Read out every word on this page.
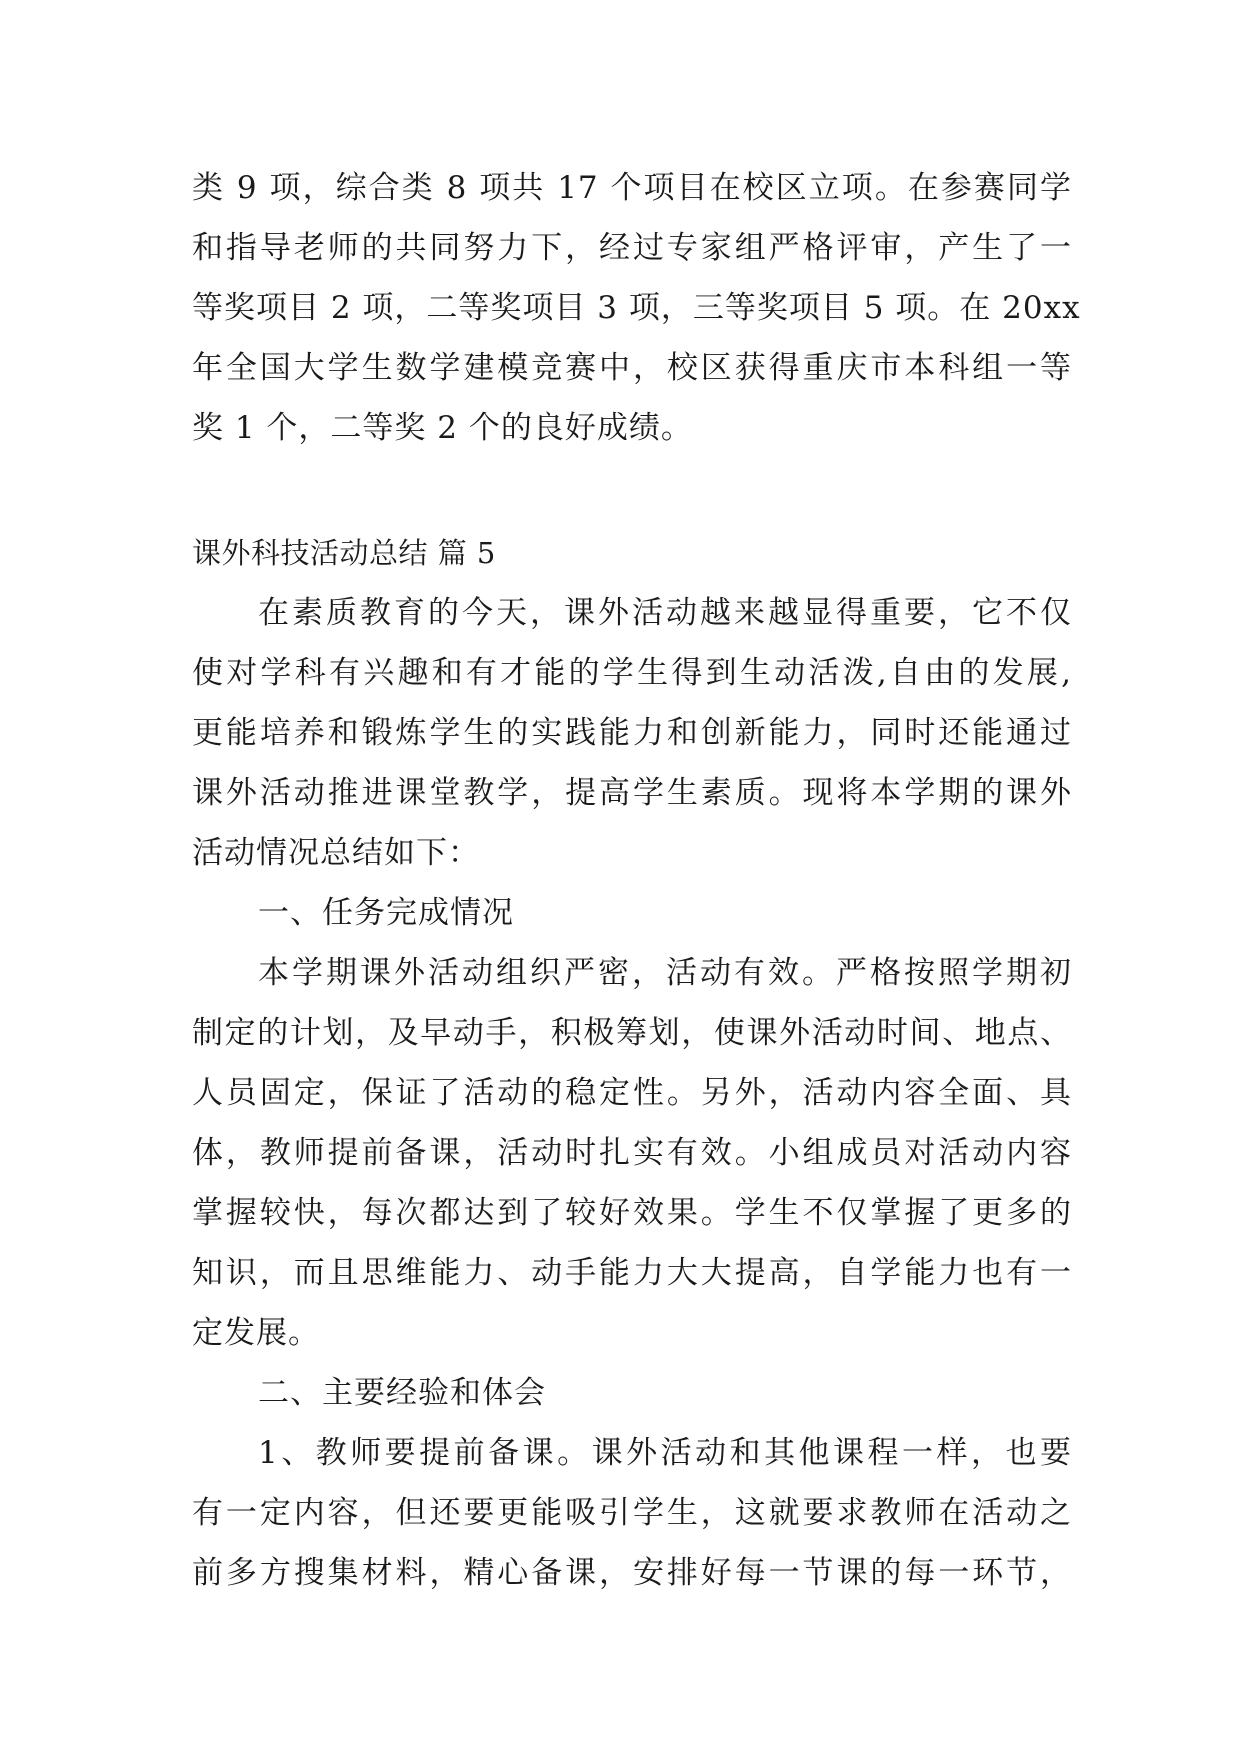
类 9 项，综合类 8 项共 17 个项目在校区立项。在参赛同学
和指导老师的共同努力下，经过专家组严格评审，产生了一
等奖项目 2 项，二等奖项目 3 项，三等奖项目 5 项。在 20xx
年全国大学生数学建模竞赛中，校区获得重庆市本科组一等
奖 1 个，二等奖 2 个的良好成绩。
课外科技活动总结 篇 5
在素质教育的今天，课外活动越来越显得重要，它不仅
使对学科有兴趣和有才能的学生得到生动活泼,自由的发展,
更能培养和锻炼学生的实践能力和创新能力，同时还能通过
课外活动推进课堂教学，提高学生素质。现将本学期的课外
活动情况总结如下：
一、任务完成情况
本学期课外活动组织严密，活动有效。严格按照学期初
制定的计划，及早动手，积极筹划，使课外活动时间、地点、
人员固定，保证了活动的稳定性。另外，活动内容全面、具
体，教师提前备课，活动时扎实有效。小组成员对活动内容
掌握较快，每次都达到了较好效果。学生不仅掌握了更多的
知识，而且思维能力、动手能力大大提高，自学能力也有一
定发展。
二、主要经验和体会
1、教师要提前备课。课外活动和其他课程一样，也要
有一定内容，但还要更能吸引学生，这就要求教师在活动之
前多方搜集材料，精心备课，安排好每一节课的每一环节，
